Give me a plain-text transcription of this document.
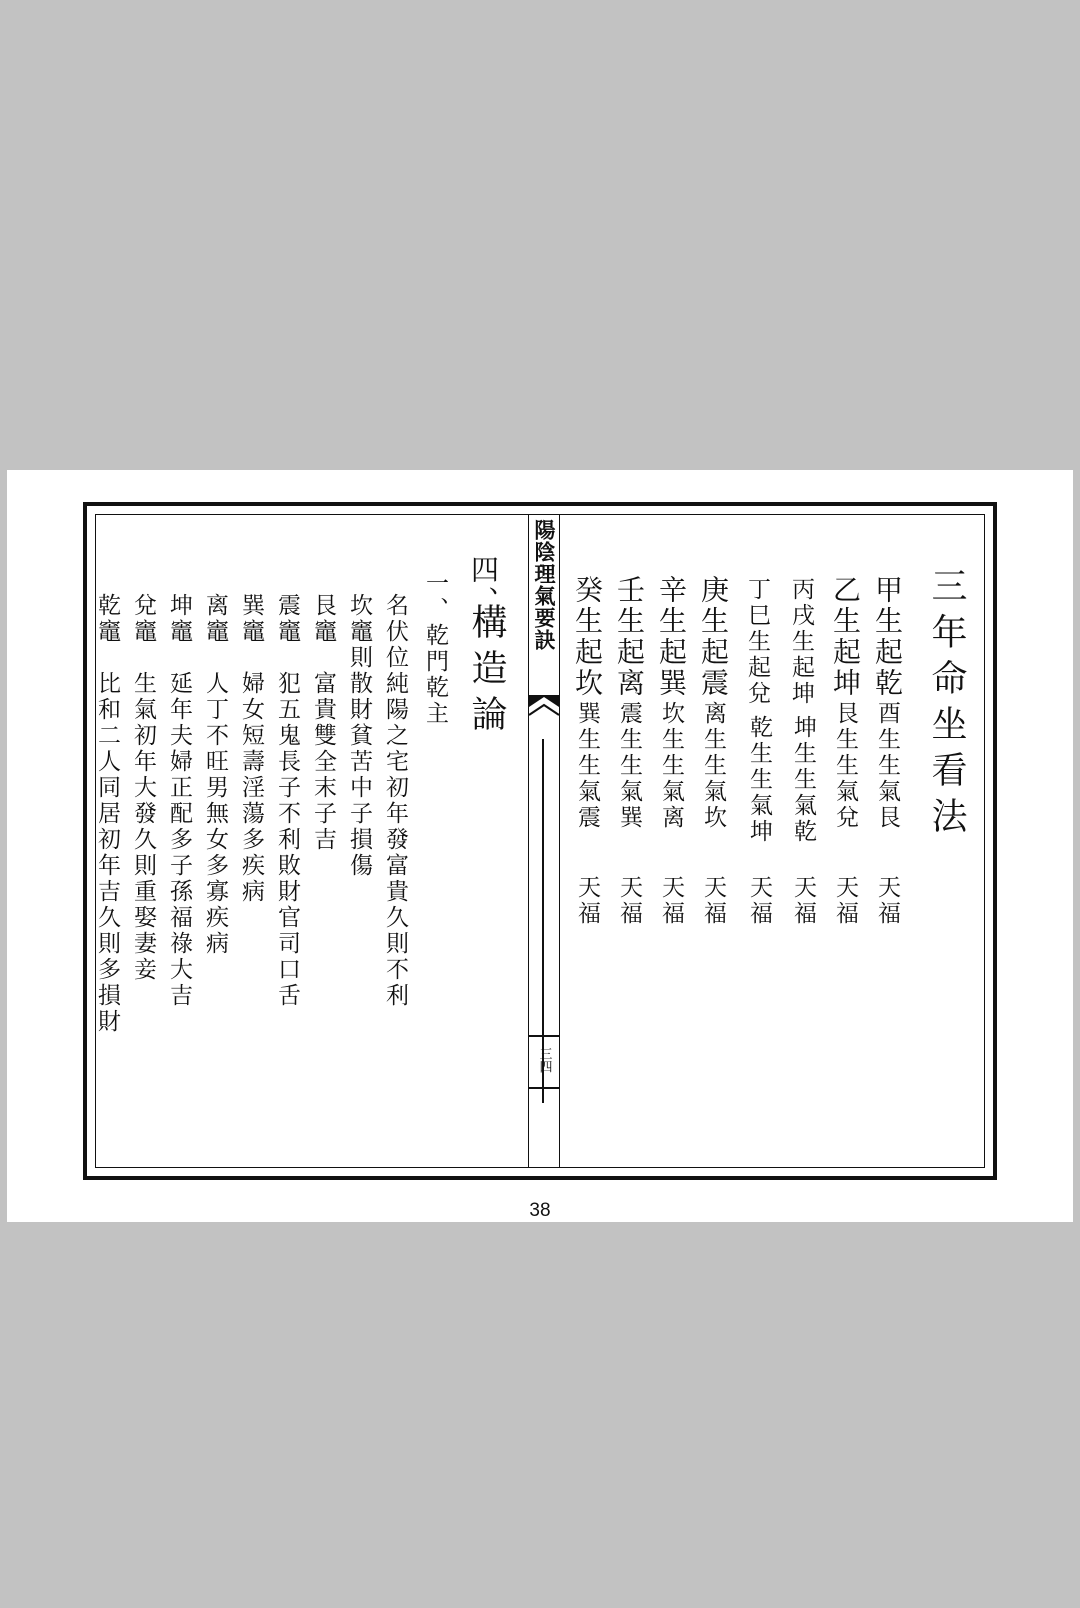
三年命坐看法
甲生起乾
酉生生氣艮
天福
乙生起坤
艮生生氣兌
天福
丙戌生起坤
坤生生氣乾
天福
丁巳生起兌
乾生生氣坤
天福
庚生起震
离生生氣坎
天福
辛生起巽
坎生生氣离
天福
壬生起离
震生生氣巽
天福
癸生起坎
巽生生氣震
天福
陽陰理氣要訣
三四
四、
構造論
一、乾門乾主
名伏位純陽之宅初年發富貴久則不利
坎竈則散財貧苦中子損傷
艮竈　富貴雙全末子吉
震竈　犯五鬼長子不利敗財官司口舌
巽竈　婦女短壽淫蕩多疾病
离竈　人丁不旺男無女多寡疾病
坤竈　延年夫婦正配多子孫福祿大吉
兌竈　生氣初年大發久則重娶妻妾
乾竈　比和二人同居初年吉久則多損財
38
